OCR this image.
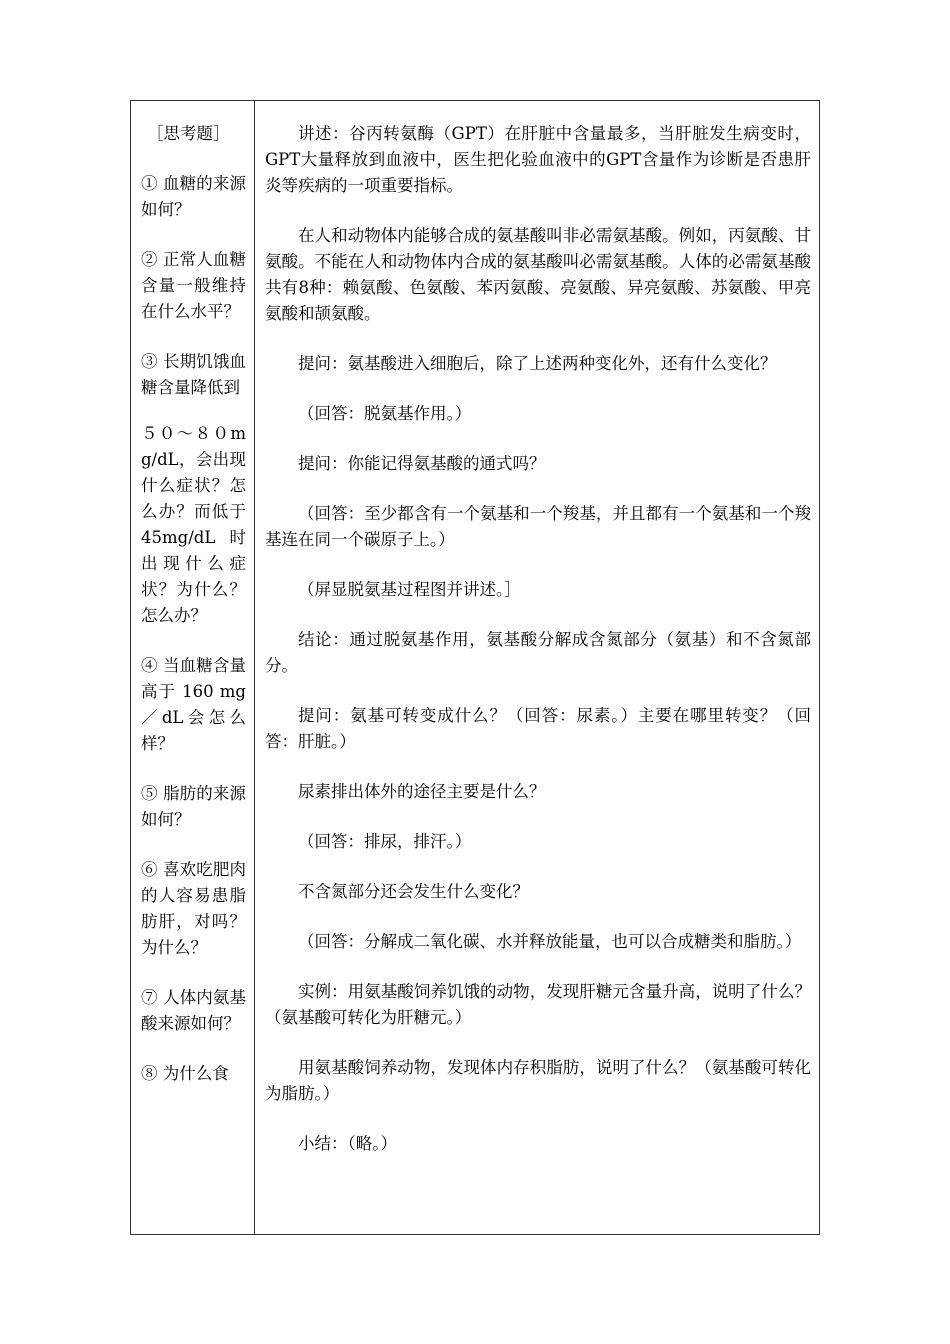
［思考题］

① 血糖的来源如何？

② 正常人血糖含量一般维持在什么水平？

③ 长期饥饿血糖含量降低到

５０～８０mg/dL，会出现什么症状？怎么办？而低于45mg/dL 时出现什么症状？为什么？怎么办？

④ 当血糖含量高于 160 mg／dL会怎么样？

⑤ 脂肪的来源如何？

⑥ 喜欢吃肥肉的人容易患脂肪肝，对吗？为什么？

⑦ 人体内氨基酸来源如何？

⑧ 为什么食

讲述：谷丙转氨酶（GPT）在肝脏中含量最多，当肝脏发生病变时， GPT大量释放到血液中，医生把化验血液中的GPT含量作为诊断是否患肝炎等疾病的一项重要指标。

在人和动物体内能够合成的氨基酸叫非必需氨基酸。例如，丙氨酸、甘氨酸。不能在人和动物体内合成的氨基酸叫必需氨基酸。人体的必需氨基酸共有8种：赖氨酸、色氨酸、苯丙氨酸、亮氨酸、异亮氨酸、苏氨酸、甲亮氨酸和颉氨酸。

提问：氨基酸进入细胞后，除了上述两种变化外，还有什么变化？

（回答：脱氨基作用。）

提问：你能记得氨基酸的通式吗？

（回答：至少都含有一个氨基和一个羧基，并且都有一个氨基和一个羧基连在同一个碳原子上。）

（屏显脱氨基过程图并讲述。］

结论：通过脱氨基作用，氨基酸分解成含氮部分（氨基）和不含氮部分。

提问：氨基可转变成什么？（回答：尿素。）主要在哪里转变？（回答：肝脏。）

尿素排出体外的途径主要是什么？

（回答：排尿，排汗。）

不含氮部分还会发生什么变化？

（回答：分解成二氧化碳、水并释放能量，也可以合成糖类和脂肪。）

实例：用氨基酸饲养饥饿的动物，发现肝糖元含量升高，说明了什么？（氨基酸可转化为肝糖元。）

用氨基酸饲养动物，发现体内存积脂肪，说明了什么？（氨基酸可转化为脂肪。）

小结：（略。）
